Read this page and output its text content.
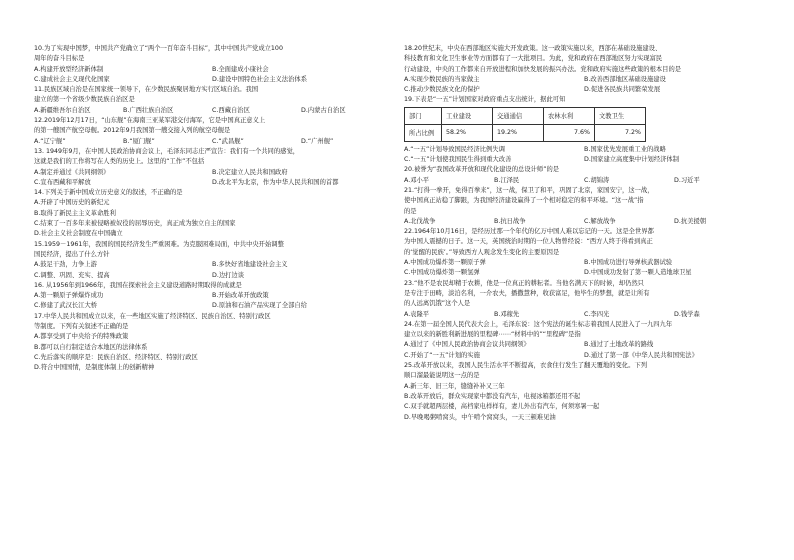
10.为了实现中国梦，中国共产党确立了“两个一百年奋斗目标”，其中中国共产党成立100
周年的奋斗目标是
A.构建开放型经济新体制	B.全面建成小康社会
C.建成社会主义现代化国家	D.建设中国特色社会主义法治体系
11.民族区域自治是在国家统一领导下，在少数民族聚居地方实行区域自治。我国
建立的第一个省级少数民族自治区是
A.新疆维吾尔自治区	B.广西壮族自治区	C.西藏自治区	D.内蒙古自治区
12.2019年12月17日，“山东舰”在海南三亚某军港交付海军，它是中国真正意义上
的第一艘国产航空母舰。2012年9月我国第一艘交接入列的航空母舰是
A.“辽宁舰”	B.“厦门舰”	C.“武昌舰”	D.“广州舰”
13. 1949年9月，在中国人民政治协商会议上，毛泽东同志庄严宣告：我们有一个共同的感觉，
这就是我们的工作将写在人类的历史上。这里的“工作”不包括
A.制定并通过《共同纲领》	B.决定建立人民共和国政府
C.宣布西藏和平解放	D.改北平为北京，作为中华人民共和国的首都
14.下列关于新中国成立历史意义的叙述，不正确的是
A.开辟了中国历史的新纪元
B.取得了新民主主义革命胜利
C.结束了一百多年来被侵略被奴役的屈辱历史，真正成为独立自主的国家
D.社会主义社会制度在中国确立
15.1959－1961年，我国的国民经济发生严重困难。为克服困难局面，中共中央开始调整
国民经济，提出了什么方针
A.鼓足干劲，力争上游	B.多快好省地建设社会主义
C.调整、巩固、充实、提高	D.边打边谈
16. 从1956年到1966年，我国在探索社会主义建设道路时期取得的成就是
A.第一颗原子弹爆炸成功	B.开始改革开放政策
C.修建了武汉长江大桥	D.原油和石油产品实现了全部自给
17.中华人民共和国成立以来，在一些地区实施了经济特区、民族自治区、特别行政区
等制度。下列有关叙述不正确的是
A.都享受到了中央给予的特殊政策
B.都可以自行制定适合本地区的法律体系
C.先后落实的顺序是：民族自治区、经济特区、特别行政区
D.符合中国国情，是制度体制上的创新精神
18.20世纪末，中央在西部地区实施大开发政策。这一政策实施以来，西部在基础设施建设、
科技教育和文化卫生事业等方面都有了一大批项目。为此，党和政府在西部地区努力实现富民
行动建设，中央的工作都来自开放进程和加快发展的振兴办法。党和政府实施这些政策的根本目的是
A.实现少数民族的当家做主	B.改善西部地区基础设施建设
C.推动少数民族文化的保护	D.促进各民族共同繁荣发展
19.下表是“一五”计划国家对政府重点支出统计，据此可知
部门	工业建设	交通通信	农林水利	文教卫生
所占比例	58.2%	19.2%	7.6%	7.2%
A.“一五”计划导致国民经济比例失调	B.国家优先发展重工业的战略
C.“一五”计划使我国民生得到重大改善	D.国家建立高度集中计划经济体制
20.被誉为“我国改革开放和现代化建设的总设计师”的是
A.邓小平	B.江泽民	C.胡锦涛	D.习近平
21.“打得一拳开，免得百拳来”，这一战，保卫了和平，巩固了北京，家国安宁，这一战，
使中国真正站稳了脚跟，为我国经济建设赢得了一个相对稳定的和平环境。“这一战”指
的是
A.北伐战争	B.抗日战争	C.解放战争	D.抗美援朝
22.1964年10月16日，是经历过那一个年代的亿万中国人难以忘记的一天。这是全世界都
为中国人震撼的日子。这一天，英国统治时期的一位人物曾经说：“西方人终于得看到真正
的‘觉醒的民族’。”导致西方人观念发生变化的主要原因是
A.中国成功爆炸第一颗原子弹	B.中国成功进行导弹核武器试验
C.中国成功爆炸第一颗氢弹	D.中国成功发射了第一颗人造地球卫星
23.“他不是农民却精于农耕，他是一位真正的耕耘者。当他名满天下的时候，却仍然只
是专注于田畴，淡泊名利，一介农夫，播撒慧种，收获富足，他毕生的梦想，就是让所有
的人远离饥饿”这个人是
A.袁隆平	B.邓稼先	C.李四光	D.钱学森
24.在第一届全国人民代表大会上，毛泽东说：这个宪法的诞生标志着我国人民进入了一九四九年
建立以来的新胜利新进展的里程碑⋯⋯“材料中的”“里程碑”是指
A.通过了《中国人民政治协商会议共同纲领》	B.通过了土地改革的路线
C.开始了“一五”计划的实施	D.通过了第一部《中华人民共和国宪法》
25.改革开放以来，我国人民生活水平不断提高，衣食住行发生了翻天覆地的变化。下列
顺口溜最能说明这一点的是
A.新三年、旧三年，缝缝补补又三年
B.改革开放后，群众实现家中都没有汽车，电视冰箱都还用不起
C.双手就超两层楼，高档家电样样有，妻儿外出有汽车，何须寒暑一起
D.早晚喝粥啃窝头，中午啃个窝窝头，一天三顿难见油
